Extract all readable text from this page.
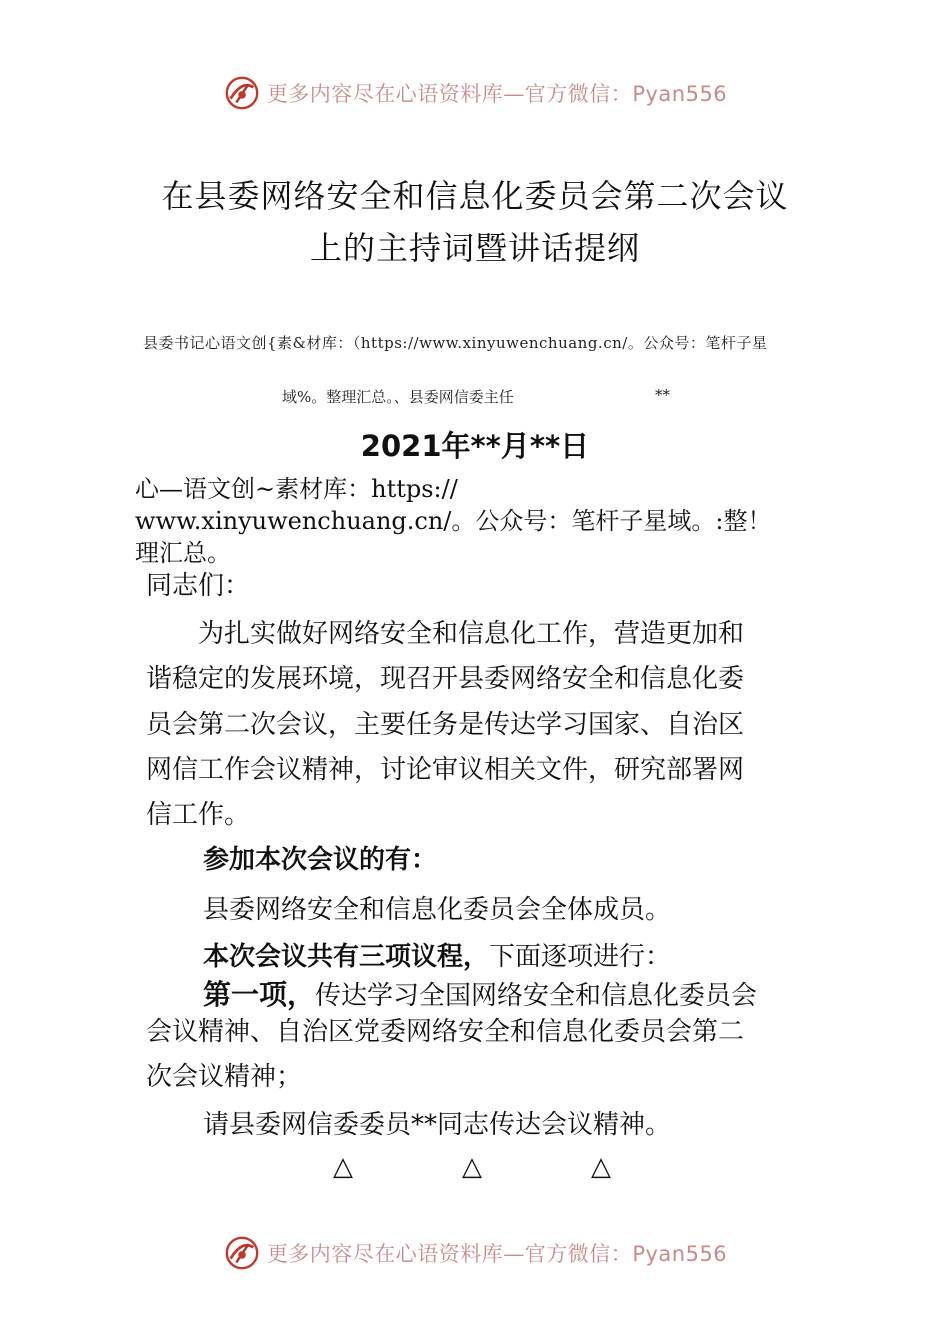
更多内容尽在心语资料库—官方微信：Pyan556
在县委网络安全和信息化委员会第二次会议
上的主持词暨讲话提纲
县委书记心语文创{素&材库：（https://www.xinyuwenchuang.cn/。公众号：笔杆子星
域%。整理汇总。、县委网信委主任	**
2021年**月**日
心—语文创~素材库：https://
www.xinyuwenchuang.cn/。公众号：笔杆子星域。:整！
理汇总。
同志们：
　　为扎实做好网络安全和信息化工作，营造更加和
谐稳定的发展环境，现召开县委网络安全和信息化委
员会第二次会议，主要任务是传达学习国家、自治区
网信工作会议精神，讨论审议相关文件，研究部署网
信工作。
参加本次会议的有：
县委网络安全和信息化委员会全体成员。
本次会议共有三项议程，下面逐项进行：
第一项，传达学习全国网络安全和信息化委员会
会议精神、自治区党委网络安全和信息化委员会第二
次会议精神；
请县委网信委委员**同志传达会议精神。
△	△	△
更多内容尽在心语资料库—官方微信：Pyan556
